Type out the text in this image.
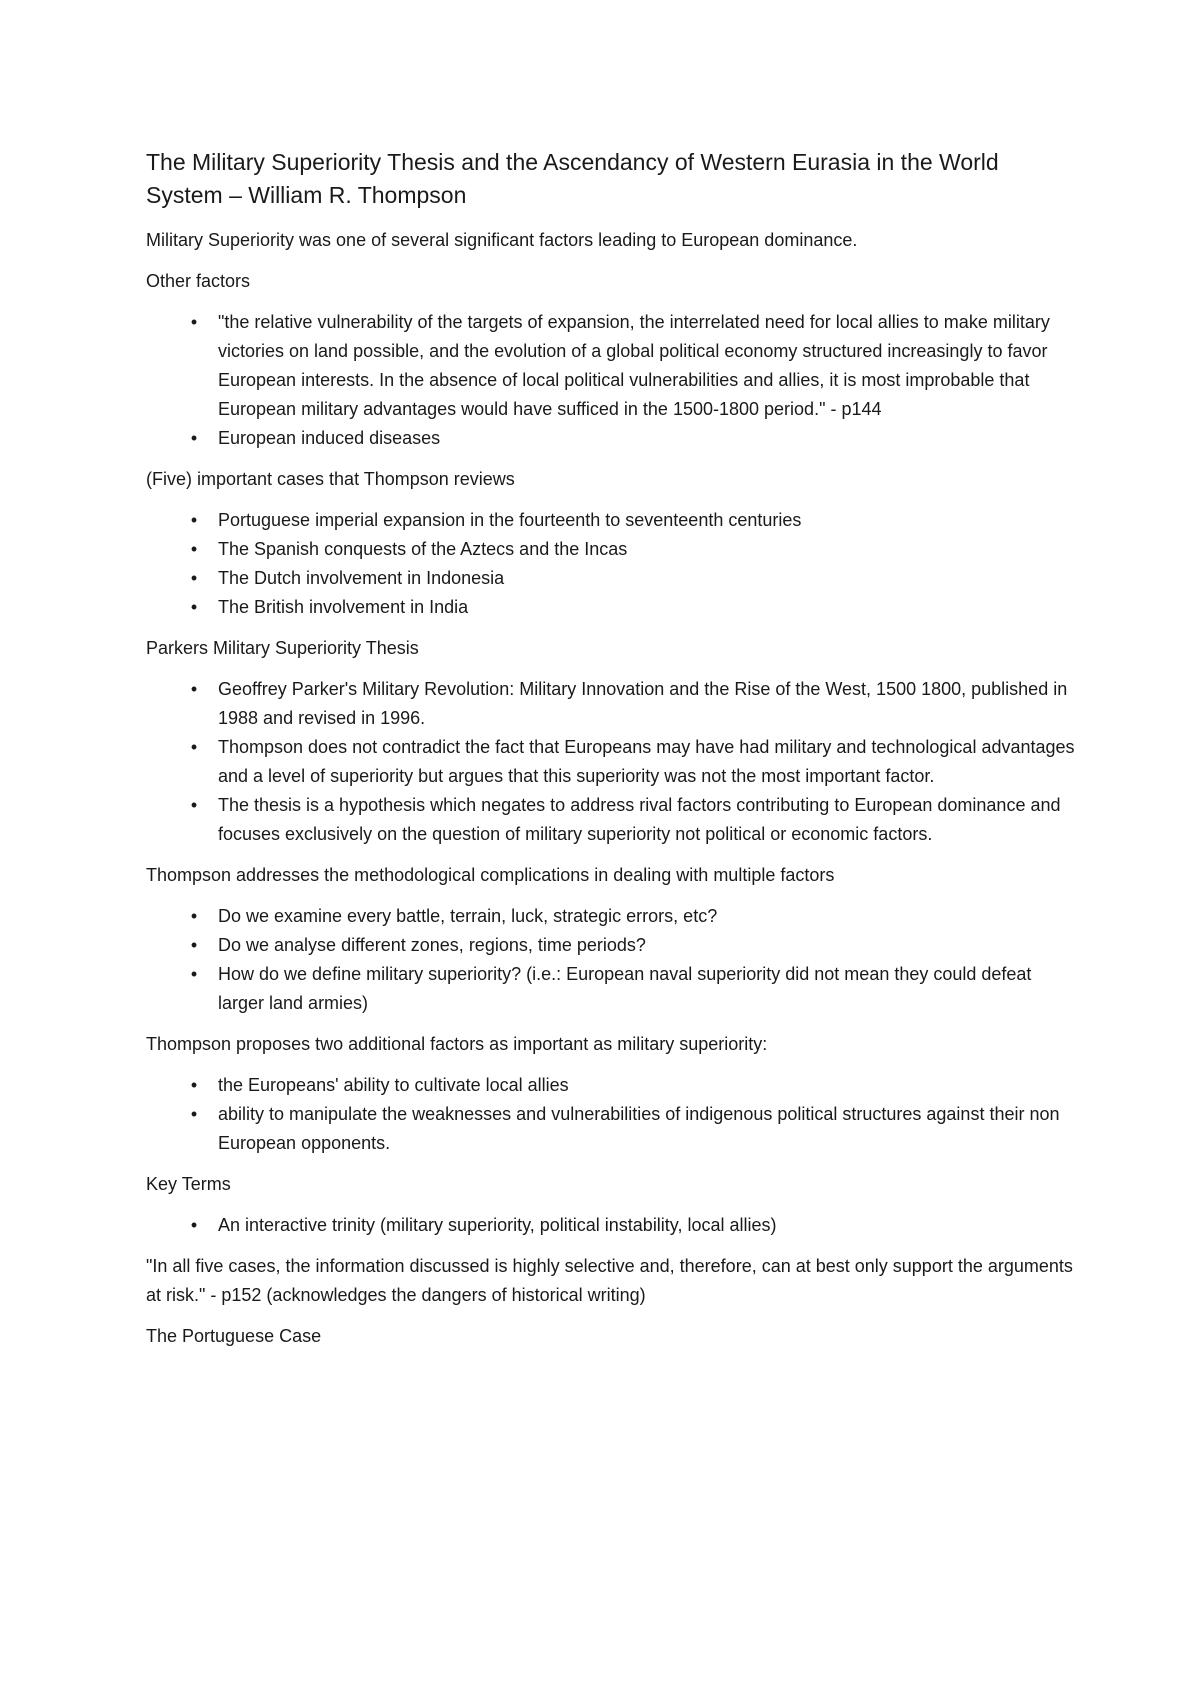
The Military Superiority Thesis and the Ascendancy of Western Eurasia in the World System – William R. Thompson

Military Superiority was one of several significant factors leading to European dominance.

Other factors

• "the relative vulnerability of the targets of expansion, the interrelated need for local allies to make military victories on land possible, and the evolution of a global political economy structured increasingly to favor European interests. In the absence of local political vulnerabilities and allies, it is most improbable that European military advantages would have sufficed in the 1500-1800 period." - p144
• European induced diseases

(Five) important cases that Thompson reviews

• Portuguese imperial expansion in the fourteenth to seventeenth centuries
• The Spanish conquests of the Aztecs and the Incas
• The Dutch involvement in Indonesia
• The British involvement in India

Parkers Military Superiority Thesis

• Geoffrey Parker's Military Revolution: Military Innovation and the Rise of the West, 1500 1800, published in 1988 and revised in 1996.
• Thompson does not contradict the fact that Europeans may have had military and technological advantages and a level of superiority but argues that this superiority was not the most important factor.
• The thesis is a hypothesis which negates to address rival factors contributing to European dominance and focuses exclusively on the question of military superiority not political or economic factors.

Thompson addresses the methodological complications in dealing with multiple factors

• Do we examine every battle, terrain, luck, strategic errors, etc?
• Do we analyse different zones, regions, time periods?
• How do we define military superiority? (i.e.: European naval superiority did not mean they could defeat larger land armies)

Thompson proposes two additional factors as important as military superiority:

• the Europeans' ability to cultivate local allies
• ability to manipulate the weaknesses and vulnerabilities of indigenous political structures against their non European opponents.

Key Terms

• An interactive trinity (military superiority, political instability, local allies)

"In all five cases, the information discussed is highly selective and, therefore, can at best only support the arguments at risk." - p152 (acknowledges the dangers of historical writing)

The Portuguese Case
